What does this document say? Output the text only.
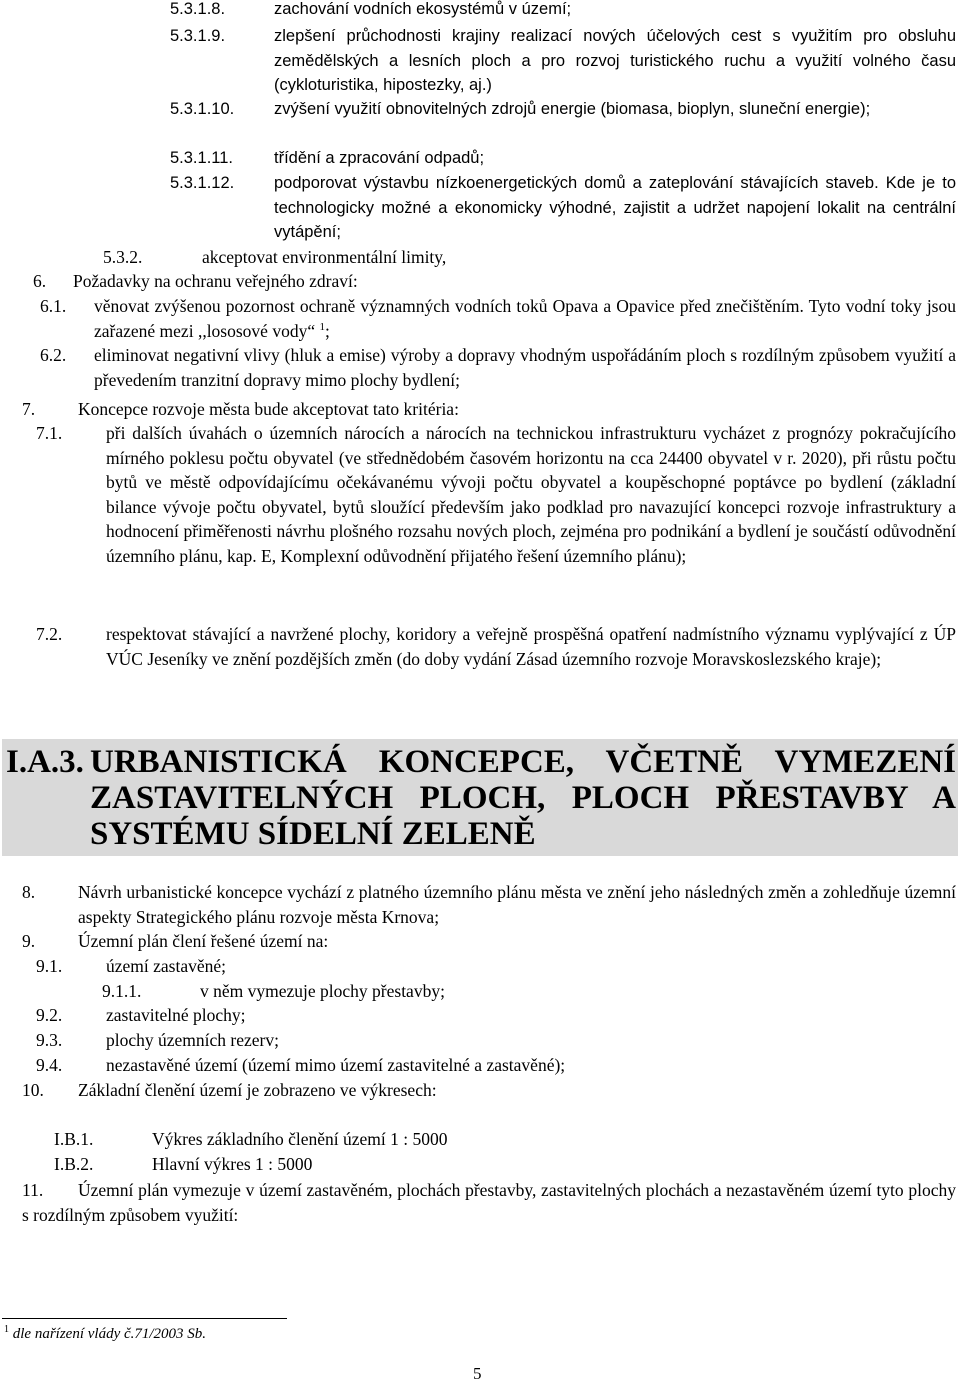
5.3.1.8.	zachování vodních ekosystémů v území;
5.3.1.9.	zlepšení průchodnosti krajiny realizací nových účelových cest s využitím pro obsluhu zemědělských a lesních ploch a pro rozvoj turistického ruchu a využití volného času (cykloturistika, hipostezky, aj.)
5.3.1.10.	zvýšení využití obnovitelných zdrojů energie (biomasa, bioplyn, sluneční energie);
5.3.1.11.	třídění a zpracování odpadů;
5.3.1.12.	podporovat výstavbu nízkoenergetických domů a zateplování stávajících staveb. Kde je to technologicky možné a ekonomicky výhodné, zajistit a udržet napojení lokalit na centrální vytápění;
5.3.2.	akceptovat environmentální limity,
6.	Požadavky na ochranu veřejného zdraví:
6.1.	věnovat zvýšenou pozornost ochraně významných vodních toků Opava a Opavice před znečištěním. Tyto vodní toky jsou zařazené mezi ,,lososové vody“ $^1$;
6.2.	eliminovat negativní vlivy (hluk a emise) výroby a dopravy vhodným uspořádáním ploch s rozdílným způsobem využití a převedením tranzitní dopravy mimo plochy bydlení;
7.	Koncepce rozvoje města bude akceptovat tato kritéria:
7.1.	při dalších úvahách o územních nárocích a nárocích na technickou infrastrukturu vycházet z prognózy pokračujícího mírného poklesu počtu obyvatel (ve střednědobém časovém horizontu na cca 24400 obyvatel v r. 2020), při růstu počtu bytů ve městě odpovídajícímu očekávanému vývoji počtu obyvatel a koupěschopné poptávce po bydlení (základní bilance vývoje počtu obyvatel, bytů sloužící především jako podklad pro navazující koncepci rozvoje infrastruktury a hodnocení přiměřenosti návrhu plošného rozsahu nových ploch, zejména pro podnikání a bydlení je součástí odůvodnění územního plánu, kap. E, Komplexní odůvodnění přijatého řešení územního plánu);
7.2.	respektovat stávající a navržené plochy, koridory a veřejně prospěšná opatření nadmístního významu vyplývající z ÚP VÚC Jeseníky ve znění pozdějších změn (do doby vydání Zásad územního rozvoje Moravskoslezského kraje);
I.A.3. URBANISTICKÁ KONCEPCE, VČETNĚ VYMEZENÍ ZASTAVITELNÝCH PLOCH, PLOCH PŘESTAVBY A SYSTÉMU SÍDELNÍ ZELENĚ
8.	Návrh urbanistické koncepce vychází z platného územního plánu města ve znění jeho následných změn a zohledňuje územní aspekty Strategického plánu rozvoje města Krnova;
9.	Územní plán člení řešené území na:
9.1.	území zastavěné;
9.1.1.	v něm vymezuje plochy přestavby;
9.2.	zastavitelné plochy;
9.3.	plochy územních rezerv;
9.4.	nezastavěné území (území mimo území zastavitelné a zastavěné);
10.	Základní členění území je zobrazeno ve výkresech:
I.B.1.	Výkres základního členění území 1 : 5000
I.B.2.	Hlavní výkres 1 : 5000
11. Územní plán vymezuje v území zastavěném, plochách přestavby, zastavitelných plochách a nezastavěném území tyto plochy s rozdílným způsobem využití:
$^1$ dle nařízení vlády č.71/2003 Sb.
5
